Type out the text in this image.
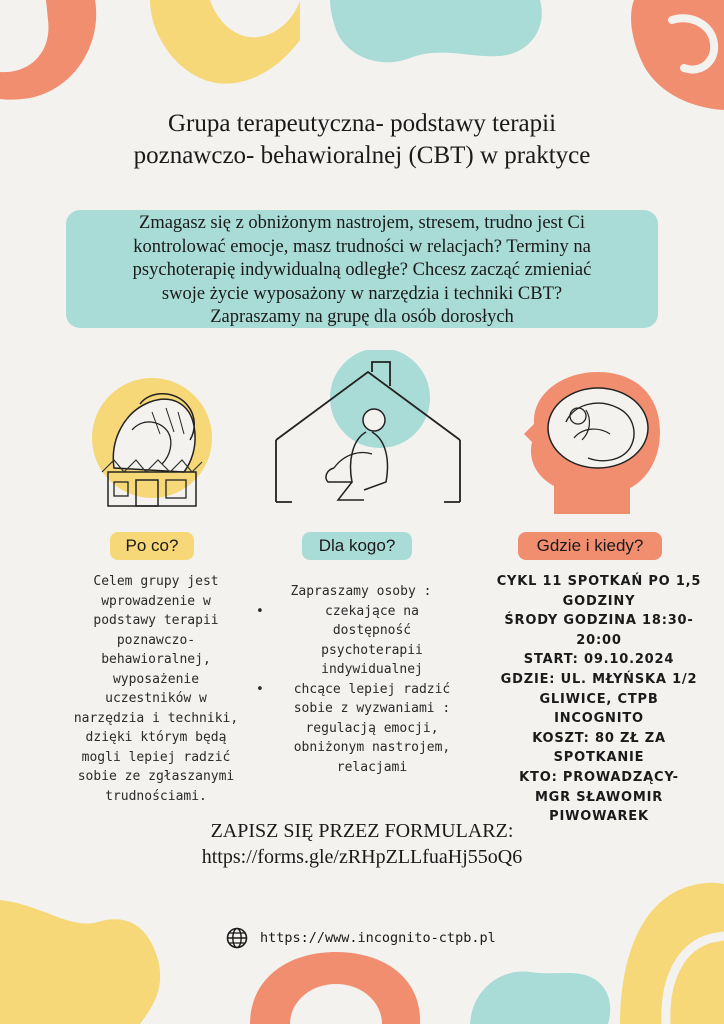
Grupa terapeutyczna- podstawy terapii
poznawczo- behawioralnej (CBT) w praktyce
Zmagasz się z obniżonym nastrojem, stresem, trudno jest Ci
kontrolować emocje, masz trudności w relacjach? Terminy na
psychoterapię indywidualną odległe? Chcesz zacząć zmieniać
swoje życie wyposażony w narzędzia i techniki CBT?
Zapraszamy na grupę dla osób dorosłych
Po co?	Dla kogo?	Gdzie i kiedy?
Celem grupy jest
wprowadzenie w
podstawy terapii
poznawczo-
behawioralnej,
wyposażenie
uczestników w
narzędzia i techniki,
dzięki którym będą
mogli lepiej radzić
sobie ze zgłaszanymi
trudnościami.
Zapraszamy osoby :
• czekające na
dostępność
psychoterapii
indywidualnej
• chcące lepiej radzić
sobie z wyzwaniami :
regulacją emocji,
obniżonym nastrojem,
relacjami
CYKL 11 SPOTKAŃ PO 1,5
GODZINY
ŚRODY GODZINA 18:30-
20:00
START: 09.10.2024
GDZIE: UL. MŁYŃSKA 1/2
GLIWICE, CTPB
INCOGNITO
KOSZT: 80 ZŁ ZA
SPOTKANIE
KTO: PROWADZĄCY-
MGR SŁAWOMIR
PIWOWAREK
ZAPISZ SIĘ PRZEZ FORMULARZ:
https://forms.gle/zRHpZLLfuaHj55oQ6
https://www.incognito-ctpb.pl
